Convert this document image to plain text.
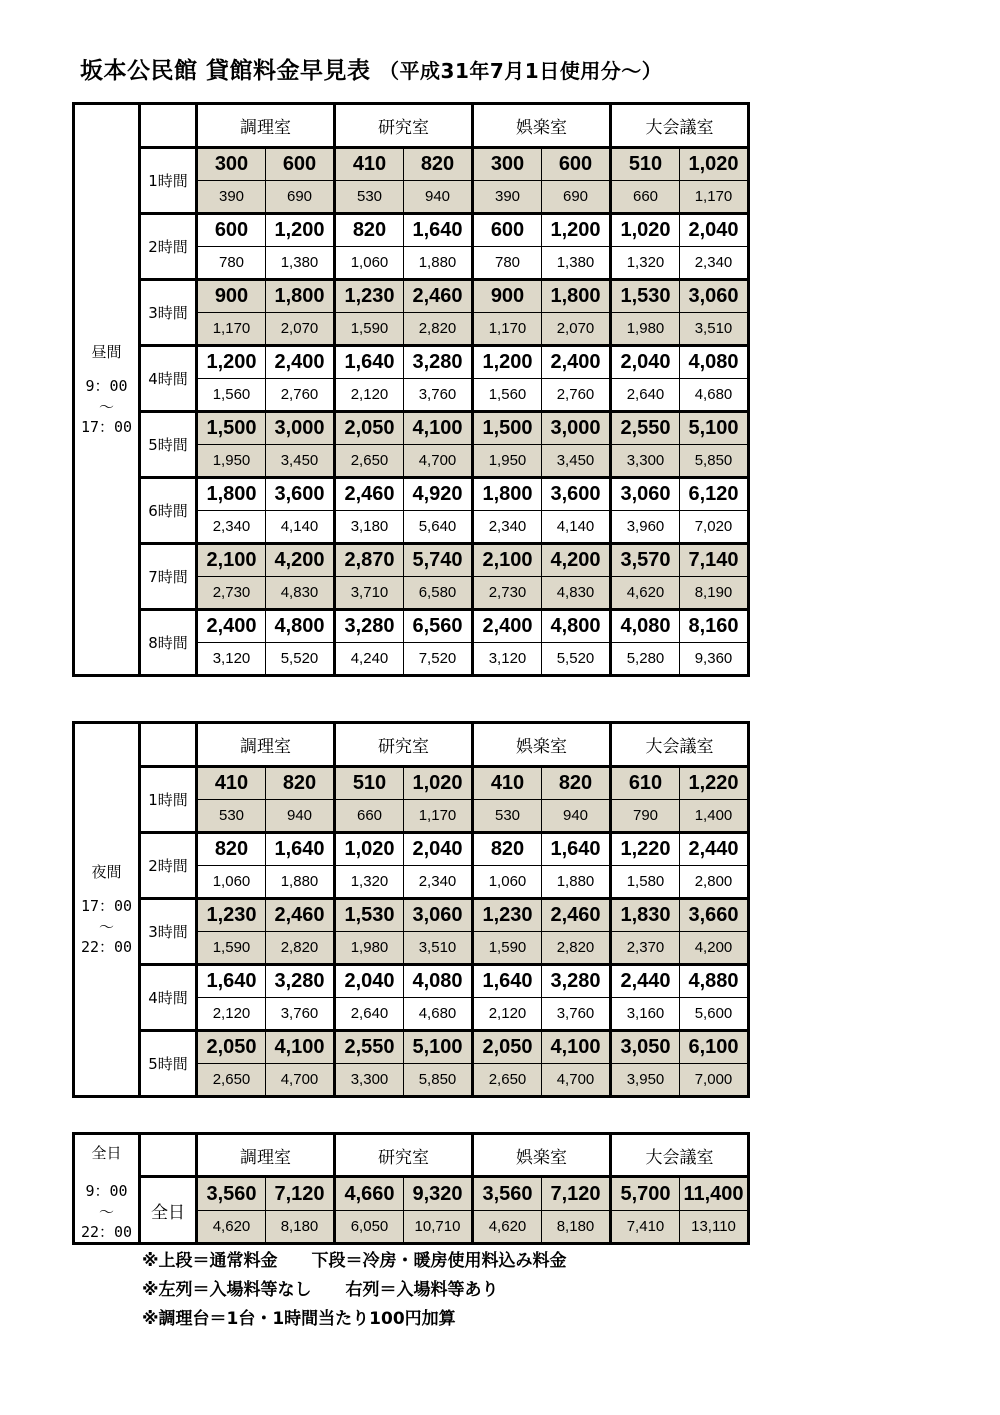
坂本公民館 貸館料金早見表 （平成31年7月1日使用分～）
昼間
9：00
～
17：00		調理室		研究室		娯楽室		大会議室	
	1時間	300	600	410	820	300	600	510	1,020
		390	690	530	940	390	690	660	1,170
	2時間	600	1,200	820	1,640	600	1,200	1,020	2,040
		780	1,380	1,060	1,880	780	1,380	1,320	2,340
	3時間	900	1,800	1,230	2,460	900	1,800	1,530	3,060
		1,170	2,070	1,590	2,820	1,170	2,070	1,980	3,510
	4時間	1,200	2,400	1,640	3,280	1,200	2,400	2,040	4,080
		1,560	2,760	2,120	3,760	1,560	2,760	2,640	4,680
	5時間	1,500	3,000	2,050	4,100	1,500	3,000	2,550	5,100
		1,950	3,450	2,650	4,700	1,950	3,450	3,300	5,850
	6時間	1,800	3,600	2,460	4,920	1,800	3,600	3,060	6,120
		2,340	4,140	3,180	5,640	2,340	4,140	3,960	7,020
	7時間	2,100	4,200	2,870	5,740	2,100	4,200	3,570	7,140
		2,730	4,830	3,710	6,580	2,730	4,830	4,620	8,190
	8時間	2,400	4,800	3,280	6,560	2,400	4,800	4,080	8,160
		3,120	5,520	4,240	7,520	3,120	5,520	5,280	9,360
夜間
17：00
～
22：00		調理室		研究室		娯楽室		大会議室	
	1時間	410	820	510	1,020	410	820	610	1,220
		530	940	660	1,170	530	940	790	1,400
	2時間	820	1,640	1,020	2,040	820	1,640	1,220	2,440
		1,060	1,880	1,320	2,340	1,060	1,880	1,580	2,800
	3時間	1,230	2,460	1,530	3,060	1,230	2,460	1,830	3,660
		1,590	2,820	1,980	3,510	1,590	2,820	2,370	4,200
	4時間	1,640	3,280	2,040	4,080	1,640	3,280	2,440	4,880
		2,120	3,760	2,640	4,680	2,120	3,760	3,160	5,600
	5時間	2,050	4,100	2,550	5,100	2,050	4,100	3,050	6,100
		2,650	4,700	3,300	5,850	2,650	4,700	3,950	7,000
全日
9：00
～
22：00		調理室		研究室		娯楽室		大会議室	
	全日	3,560	7,120	4,660	9,320	3,560	7,120	5,700	11,400
		4,620	8,180	6,050	10,710	4,620	8,180	7,410	13,110
※上段＝通常料金　　下段＝冷房・暖房使用料込み料金
※左列＝入場料等なし　　右列＝入場料等あり
※調理台＝1台・1時間当たり100円加算
